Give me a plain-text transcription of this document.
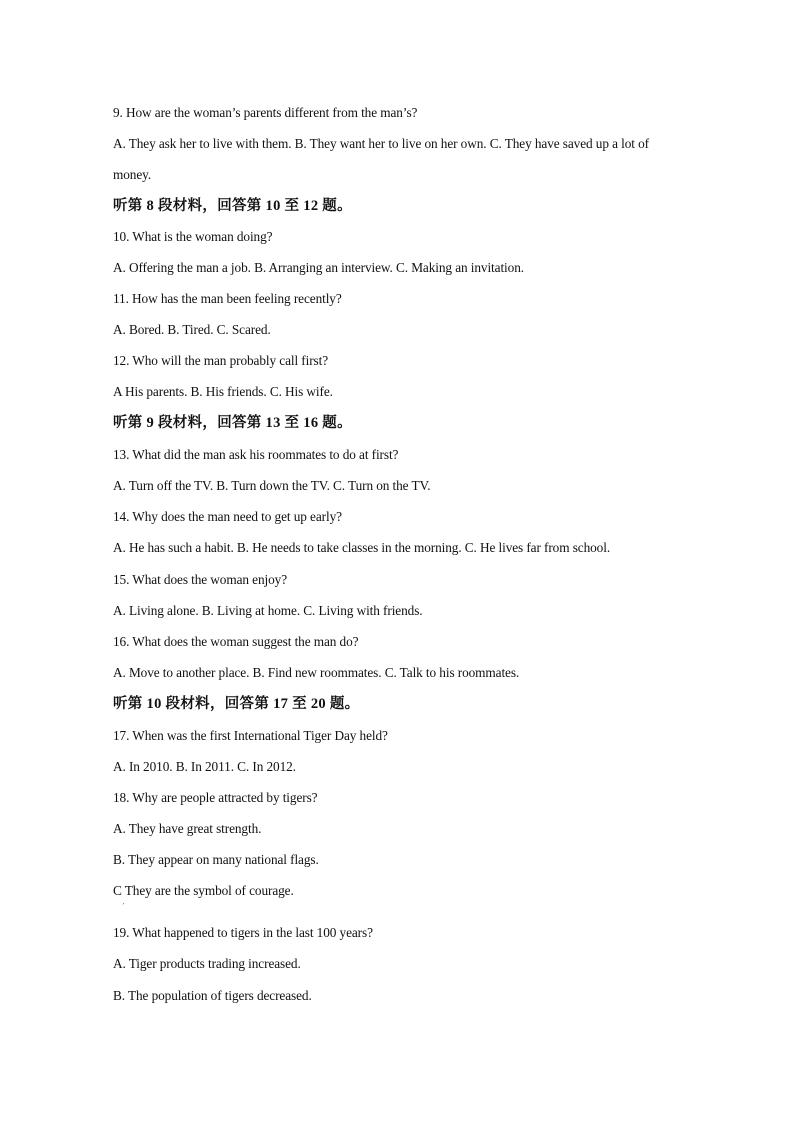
9. How are the woman’s parents different from the man’s?
A. They ask her to live with them. B. They want her to live on her own. C. They have saved up a lot of
money.
听第 8 段材料，回答第 10 至 12 题。
10. What is the woman doing?
A. Offering the man a job. B. Arranging an interview. C. Making an invitation.
11. How has the man been feeling recently?
A. Bored. B. Tired. C. Scared.
12. Who will the man probably call first?
A His parents. B. His friends. C. His wife.
听第 9 段材料，回答第 13 至 16 题。
13. What did the man ask his roommates to do at first?
A. Turn off the TV. B. Turn down the TV. C. Turn on the TV.
14. Why does the man need to get up early?
A. He has such a habit. B. He needs to take classes in the morning. C. He lives far from school.
15. What does the woman enjoy?
A. Living alone. B. Living at home. C. Living with friends.
16. What does the woman suggest the man do?
A. Move to another place. B. Find new roommates. C. Talk to his roommates.
听第 10 段材料，回答第 17 至 20 题。
17. When was the first International Tiger Day held?
A. In 2010. B. In 2011. C. In 2012.
18. Why are people attracted by tigers?
A. They have great strength.
B. They appear on many national flags.
C They are the symbol of courage.
ˊ
19. What happened to tigers in the last 100 years?
A. Tiger products trading increased.
B. The population of tigers decreased.
